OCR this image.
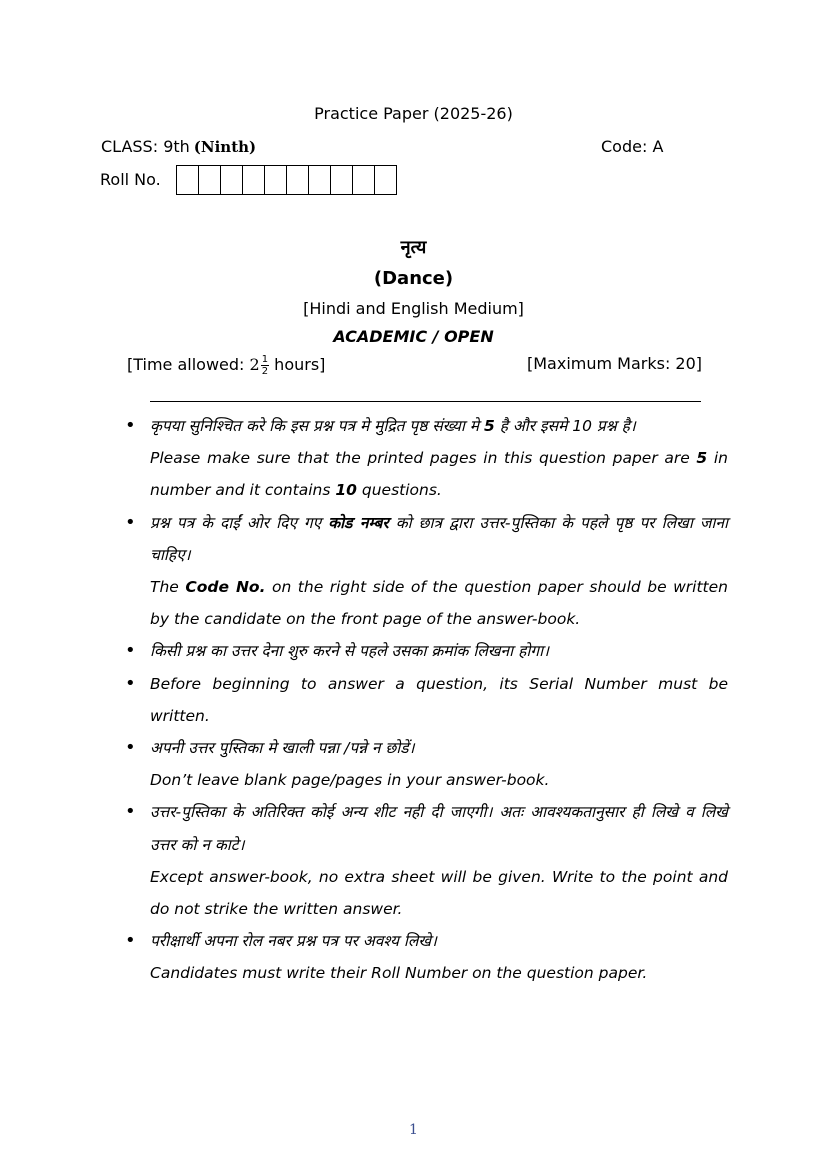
Practice Paper (2025-26)
CLASS: 9th (Ninth)	Code: A
Roll No.
नृत्य
(Dance)
[Hindi and English Medium]
ACADEMIC / OPEN
[Time allowed: $2 \frac{1}{2}$ hours]	[Maximum Marks: 20]

• कृपया सुनिश्चित करे कि इस प्रश्न पत्र मे मुद्रित पृष्ठ संख्या मे 5 है और इसमे 10 प्रश्न है।

Please make sure that the printed pages in this question paper are 5 in number and it contains 10 questions.

• प्रश्न पत्र के दाईं ओर दिए गए कोड नम्बर को छात्र द्वारा उत्तर-पुस्तिका के पहले पृष्ठ पर लिखा जाना चाहिए।

The Code No. on the right side of the question paper should be written by the candidate on the front page of the answer-book.

• किसी प्रश्न का उत्तर देना शुरु करने से पहले उसका क्रमांक लिखना होगा।

• Before beginning to answer a question, its Serial Number must be written.

• अपनी उत्तर पुस्तिका मे खाली पन्ना /पन्ने न छोडें।

Don’t leave blank page/pages in your answer-book.

• उत्तर-पुस्तिका के अतिरिक्त कोई अन्य शीट नही दी जाएगी। अतः आवश्यकतानुसार ही लिखे व लिखे उत्तर को न काटे।

Except answer-book, no extra sheet will be given. Write to the point and do not strike the written answer.

• परीक्षार्थी अपना रोल नबर प्रश्न पत्र पर अवश्य लिखे।

Candidates must write their Roll Number on the question paper.

1
